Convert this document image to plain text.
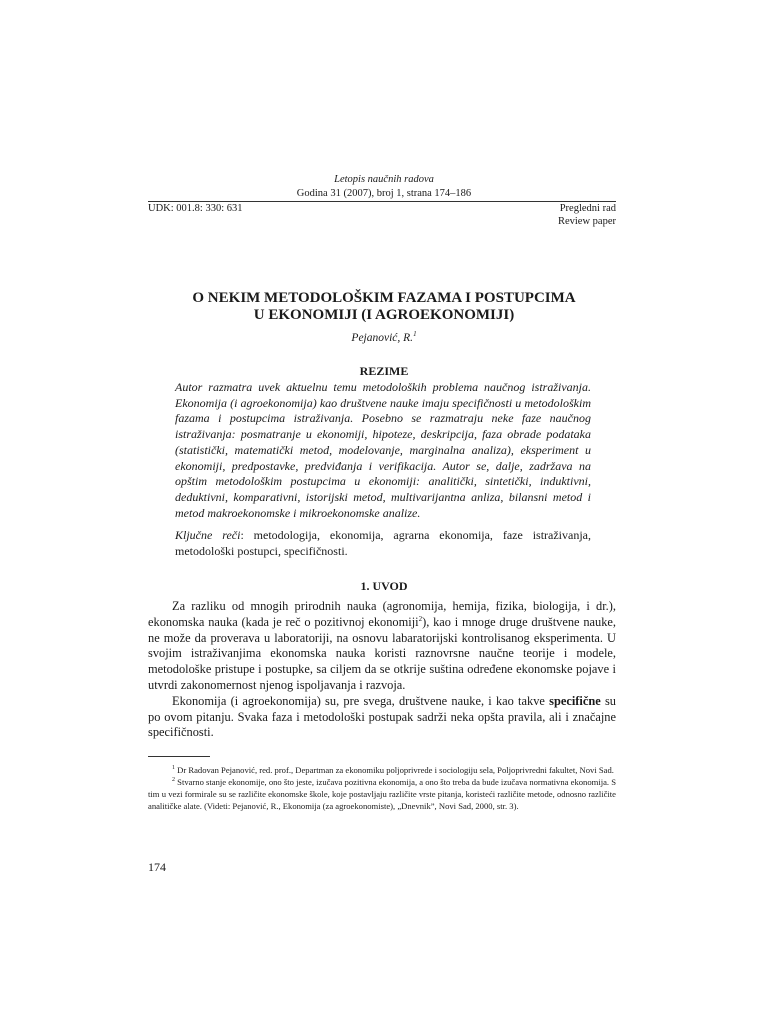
Letopis naučnih radova
Godina 31 (2007), broj 1, strana 174–186
UDK: 001.8: 330: 631	Pregledni rad
Review paper
O NEKIM METODOLOŠKIM FAZAMA I POSTUPCIMA
U EKONOMIJI (I AGROEKONOMIJI)
Pejanović, R.$^1$
REZIME
Autor razmatra uvek aktuelnu temu metodoloških problema naučnog istraživanja. Ekonomija (i agroekonomija) kao društvene nauke imaju specifičnosti u metodološkim fazama i postupcima istraživanja. Posebno se razmatraju neke faze naučnog istraživanja: posmatranje u ekonomiji, hipoteze, deskripcija, faza obrade podataka (statistički, matematički metod, modelovanje, marginalna analiza), eksperiment u ekonomiji, predpostavke, predviđanja i verifikacija. Autor se, dalje, zadržava na opštim metodološkim postupcima u ekonomiji: analitički, sintetički, induktivni, deduktivni, komparativni, istorijski metod, multivarijantna anliza, bilansni metod i metod makroekonomske i mikroekonomske analize.
Ključne reči: metodologija, ekonomija, agrarna ekonomija, faze istraživanja, metodološki postupci, specifičnosti.
1. UVOD

Za razliku od mnogih prirodnih nauka (agronomija, hemija, fizika, biologija, i dr.), ekonomska nauka (kada je reč o pozitivnoj ekonomiji$^2$), kao i mnoge druge društvene nauke, ne može da proverava u laboratoriji, na osnovu labaratorijski kontrolisanog eksperimenta. U svojim istraživanjima ekonomska nauka koristi raznovrsne naučne teorije i modele, metodološke pristupe i postupke, sa ciljem da se otkrije suština određene ekonomske pojave i utvrdi zakonomernost njenog ispoljavanja i razvoja.

Ekonomija (i agroekonomija) su, pre svega, društvene nauke, i kao takve specifične su po ovom pitanju. Svaka faza i metodološki postupak sadrži neka opšta pravila, ali i značajne specifičnosti.

$^1$ Dr Radovan Pejanović, red. prof., Departman za ekonomiku poljoprivrede i sociologiju sela, Poljoprivredni fakultet, Novi Sad.

$^2$ Stvarno stanje ekonomije, ono što jeste, izučava pozitivna ekonomija, a ono što treba da bude izučava normativna ekonomija. S tim u vezi formirale su se različite ekonomske škole, koje postavljaju različite vrste pitanja, koristeći različite metode, odnosno različite analitičke alate. (Videti: Pejanović, R., Ekonomija (za agroekonomiste), „Dnevnik”, Novi Sad, 2000, str. 3).

174
